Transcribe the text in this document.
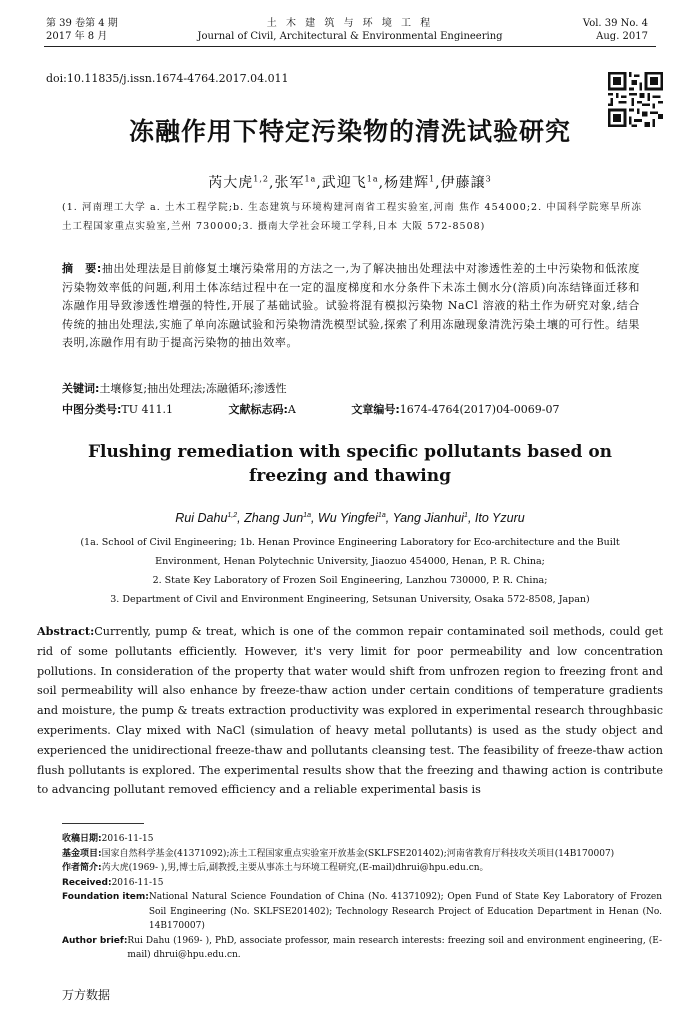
第 39 卷第 4 期
2017 年 8 月
土 木 建 筑 与 环 境 工 程
Journal of Civil, Architectural & Environmental Engineering
Vol. 39 No. 4
Aug. 2017
doi:10.11835/j.issn.1674-4764.2017.04.011
冻融作用下特定污染物的清洗试验研究
芮大虎$^{1,2}$,张军$^{1a}$,武迎飞$^{1a}$,杨建辉$^1$,伊藤譲$^3$
(1. 河南理工大学 a. 土木工程学院;b. 生态建筑与环境构建河南省工程实验室,河南 焦作 454000;2. 中国科学院寒旱所冻土工程国家重点实验室,兰州 730000;3. 摄南大学社会环境工学科,日本 大阪 572-8508)
摘　要:抽出处理法是目前修复土壤污染常用的方法之一,为了解决抽出处理法中对渗透性差的土中污染物和低浓度污染物效率低的问题,利用土体冻结过程中在一定的温度梯度和水分条件下未冻土侧水分(溶质)向冻结锋面迁移和冻融作用导致渗透性增强的特性,开展了基础试验。试验将混有模拟污染物 NaCl 溶液的粘土作为研究对象,结合传统的抽出处理法,实施了单向冻融试验和污染物清洗模型试验,探索了利用冻融现象清洗污染土壤的可行性。结果表明,冻融作用有助于提高污染物的抽出效率。
关键词:土壤修复;抽出处理法;冻融循环;渗透性
中图分类号:TU 411.1	文献标志码:A	文章编号:1674-4764(2017)04-0069-07
Flushing remediation with specific pollutants based on freezing and thawing
Rui Dahu$^{1,2}$, Zhang Jun$^{1a}$, Wu Yingfei$^{1a}$, Yang Jianhui$^1$, Ito Yzuru
(1a. School of Civil Engineering; 1b. Henan Province Engineering Laboratory for Eco-architecture and the Built
Environment, Henan Polytechnic University, Jiaozuo 454000, Henan, P. R. China;
2. State Key Laboratory of Frozen Soil Engineering, Lanzhou 730000, P. R. China;
3. Department of Civil and Environment Engineering, Setsunan University, Osaka 572-8508, Japan)
Abstract:Currently, pump & treat, which is one of the common repair contaminated soil methods, could get rid of some pollutants efficiently. However, it's very limit for poor permeability and low concentration pollutions. In consideration of the property that water would shift from unfrozen region to freezing front and soil permeability will also enhance by freeze-thaw action under certain conditions of temperature gradients and moisture, the pump & treats extraction productivity was explored in experimental research throughbasic experiments. Clay mixed with NaCl (simulation of heavy metal pollutants) is used as the study object and experienced the unidirectional freeze-thaw and pollutants cleansing test. The feasibility of freeze-thaw action flush pollutants is explored. The experimental results show that the freezing and thawing action is contribute to advancing pollutant removed efficiency and a reliable experimental basis is
收稿日期: 2016-11-15
基金项目: 国家自然科学基金(41371092);冻土工程国家重点实验室开放基金(SKLFSE201402);河南省教育厅科技攻关项目(14B170007)
作者简介: 芮大虎(1969- ),男,博士后,副教授,主要从事冻土与环境工程研究,(E-mail)dhrui@hpu.edu.cn。
Received: 2016-11-15
Foundation item: National Natural Science Foundation of China (No. 41371092); Open Fund of State Key Laboratory of Frozen Soil Engineering (No. SKLFSE201402); Technology Research Project of Education Department in Henan (No. 14B170007)
Author brief: Rui Dahu (1969- ), PhD, associate professor, main research interests: freezing soil and environment engineering, (E-mail) dhrui@hpu.edu.cn.
万方数据
